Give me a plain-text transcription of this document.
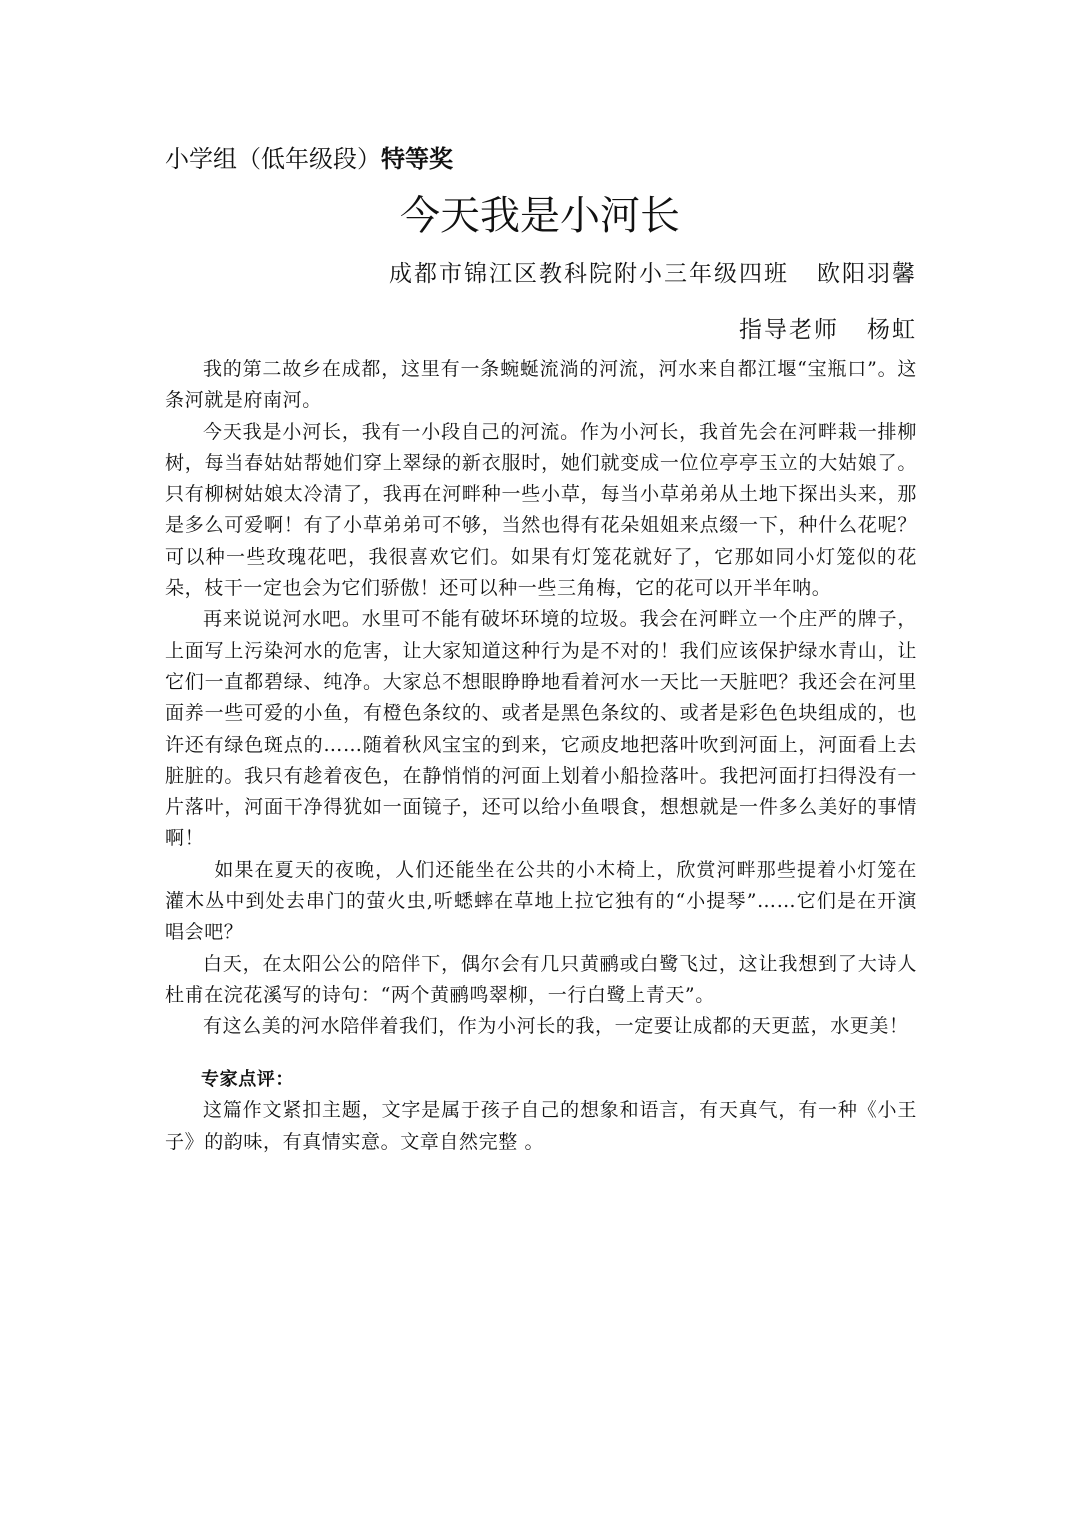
小学组（低年级段）特等奖
今天我是小河长
成都市锦江区教科院附小三年级四班 欧阳羽馨
指导老师 杨虹

我的第二故乡在成都，这里有一条蜿蜒流淌的河流，河水来自都江堰“宝瓶口”。这条河就是府南河。

今天我是小河长，我有一小段自己的河流。作为小河长，我首先会在河畔栽一排柳树，每当春姑姑帮她们穿上翠绿的新衣服时，她们就变成一位位亭亭玉立的大姑娘了。只有柳树姑娘太冷清了，我再在河畔种一些小草，每当小草弟弟从土地下探出头来，那是多么可爱啊！有了小草弟弟可不够，当然也得有花朵姐姐来点缀一下，种什么花呢？可以种一些玫瑰花吧，我很喜欢它们。如果有灯笼花就好了，它那如同小灯笼似的花朵，枝干一定也会为它们骄傲！还可以种一些三角梅，它的花可以开半年呐。

再来说说河水吧。水里可不能有破坏环境的垃圾。我会在河畔立一个庄严的牌子，上面写上污染河水的危害，让大家知道这种行为是不对的！我们应该保护绿水青山，让它们一直都碧绿、纯净。大家总不想眼睁睁地看着河水一天比一天脏吧？我还会在河里面养一些可爱的小鱼，有橙色条纹的、或者是黑色条纹的、或者是彩色色块组成的，也许还有绿色斑点的……随着秋风宝宝的到来，它顽皮地把落叶吹到河面上，河面看上去脏脏的。我只有趁着夜色，在静悄悄的河面上划着小船捡落叶。我把河面打扫得没有一片落叶，河面干净得犹如一面镜子，还可以给小鱼喂食，想想就是一件多么美好的事情啊！

如果在夏天的夜晚，人们还能坐在公共的小木椅上，欣赏河畔那些提着小灯笼在灌木丛中到处去串门的萤火虫,听蟋蟀在草地上拉它独有的“小提琴”……它们是在开演唱会吧？

白天，在太阳公公的陪伴下，偶尔会有几只黄鹂或白鹭飞过，这让我想到了大诗人杜甫在浣花溪写的诗句：“两个黄鹂鸣翠柳，一行白鹭上青天”。

有这么美的河水陪伴着我们，作为小河长的我，一定要让成都的天更蓝，水更美！

专家点评：

这篇作文紧扣主题，文字是属于孩子自己的想象和语言，有天真气，有一种《小王子》的韵味，有真情实意。文章自然完整 。
